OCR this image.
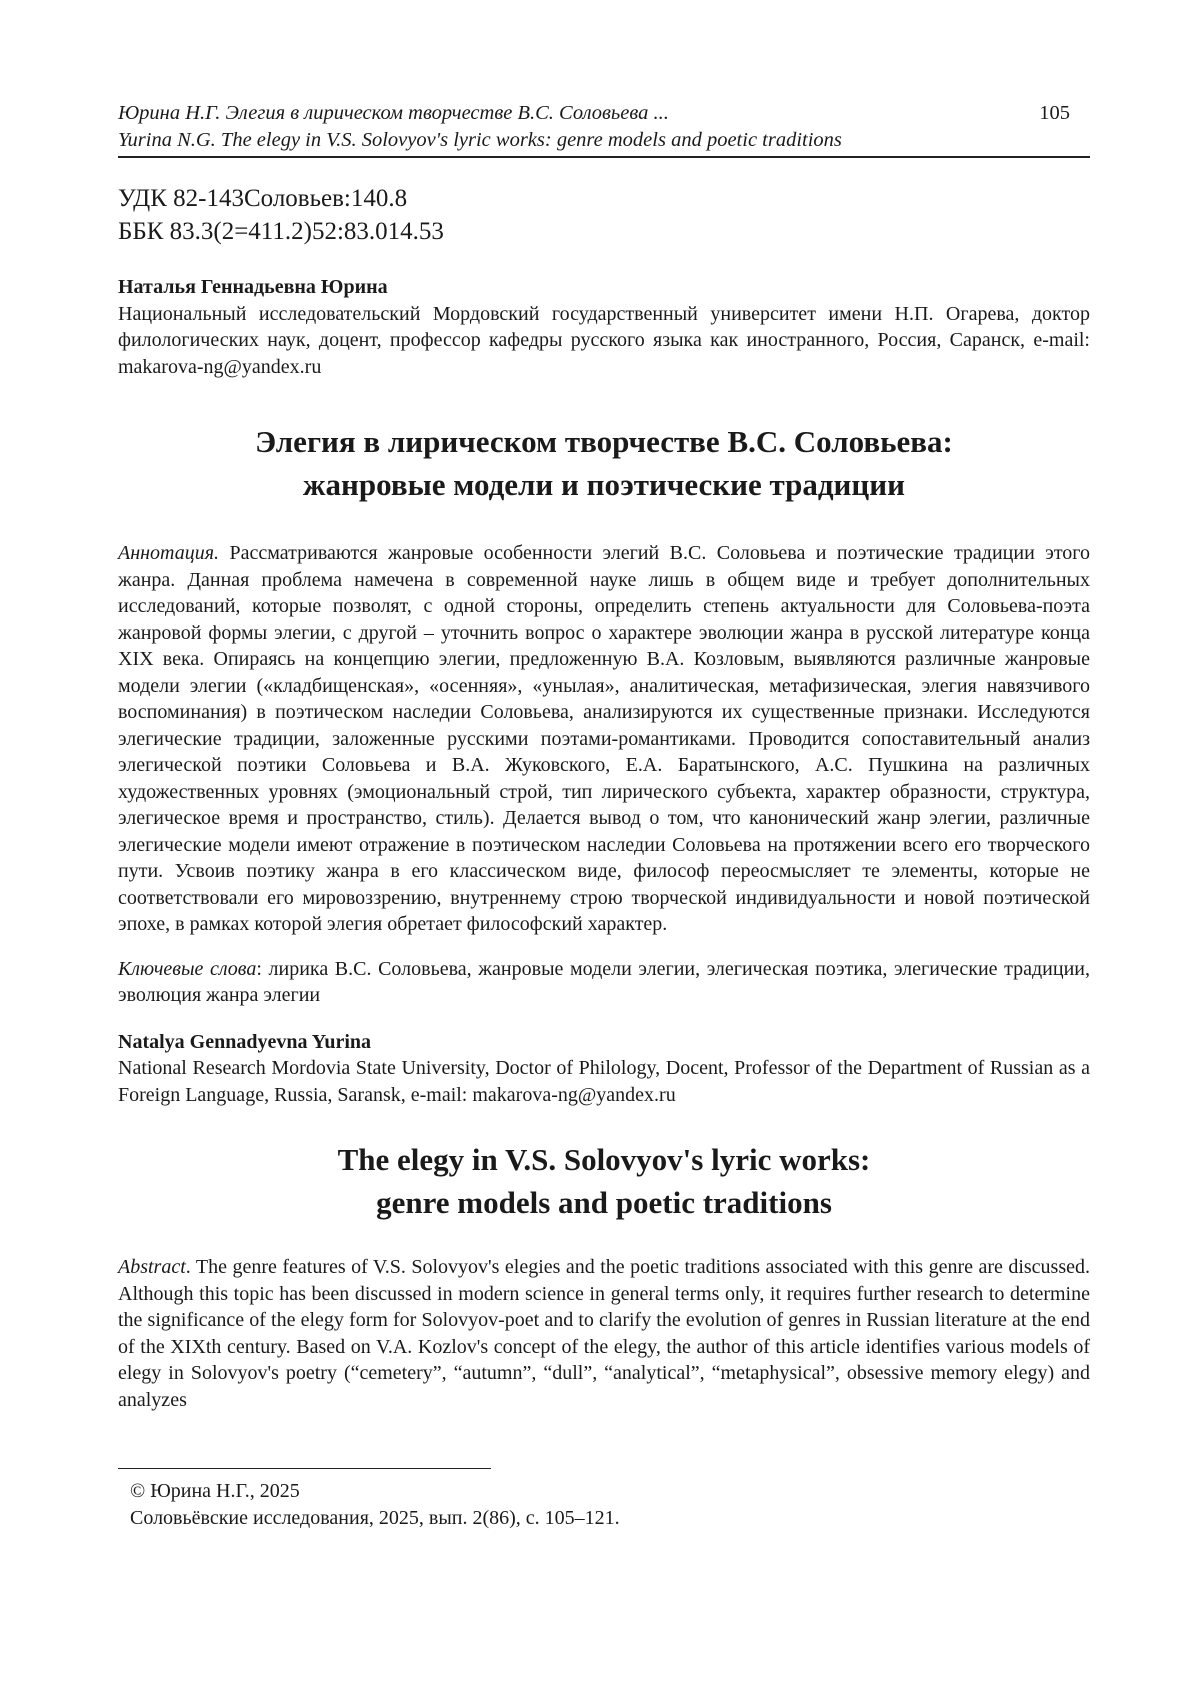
Юрина Н.Г. Элегия в лирическом творчестве В.С. Соловьева ...
Yurina N.G. The elegy in V.S. Solovyov's lyric works: genre models and poetic traditions
105
УДК 82-143Соловьев:140.8
ББК 83.3(2=411.2)52:83.014.53
Наталья Геннадьевна Юрина
Национальный исследовательский Мордовский государственный университет имени Н.П. Огарева, доктор филологических наук, доцент, профессор кафедры русского языка как иностранного, Россия, Саранск, e-mail: makarova-ng@yandex.ru
Элегия в лирическом творчестве В.С. Соловьева:
жанровые модели и поэтические традиции
Аннотация. Рассматриваются жанровые особенности элегий В.С. Соловьева и поэтические традиции этого жанра. Данная проблема намечена в современной науке лишь в общем виде и требует дополнительных исследований, которые позволят, с одной стороны, определить степень актуальности для Соловьева-поэта жанровой формы элегии, с другой – уточнить вопрос о характере эволюции жанра в русской литературе конца XIX века. Опираясь на концепцию элегии, предложенную В.А. Козловым, выявляются различные жанровые модели элегии («кладбищенская», «осенняя», «унылая», аналитическая, метафизическая, элегия навязчивого воспоминания) в поэтическом наследии Соловьева, анализируются их существенные признаки. Исследуются элегические традиции, заложенные русскими поэтами-романтиками. Проводится сопоставительный анализ элегической поэтики Соловьева и В.А. Жуковского, Е.А. Баратынского, А.С. Пушкина на различных художественных уровнях (эмоциональный строй, тип лирического субъекта, характер образности, структура, элегическое время и пространство, стиль). Делается вывод о том, что канонический жанр элегии, различные элегические модели имеют отражение в поэтическом наследии Соловьева на протяжении всего его творческого пути. Усвоив поэтику жанра в его классическом виде, философ переосмысляет те элементы, которые не соответствовали его мировоззрению, внутреннему строю творческой индивидуальности и новой поэтической эпохе, в рамках которой элегия обретает философский характер.
Ключевые слова: лирика В.С. Соловьева, жанровые модели элегии, элегическая поэтика, элегические традиции, эволюция жанра элегии
Natalya Gennadyevna Yurina
National Research Mordovia State University, Doctor of Philology, Docent, Professor of the Department of Russian as a Foreign Language, Russia, Saransk, e-mail: makarova-ng@yandex.ru
The elegy in V.S. Solovyov's lyric works:
genre models and poetic traditions
Abstract. The genre features of V.S. Solovyov's elegies and the poetic traditions associated with this genre are discussed. Although this topic has been discussed in modern science in general terms only, it requires further research to determine the significance of the elegy form for Solovyov-poet and to clarify the evolution of genres in Russian literature at the end of the XIXth century. Based on V.A. Kozlov's concept of the elegy, the author of this article identifies various models of elegy in Solovyov's poetry (“cemetery”, “autumn”, “dull”, “analytical”, “metaphysical”, obsessive memory elegy) and analyzes
© Юрина Н.Г., 2025
Соловьёвские исследования, 2025, вып. 2(86), с. 105–121.
